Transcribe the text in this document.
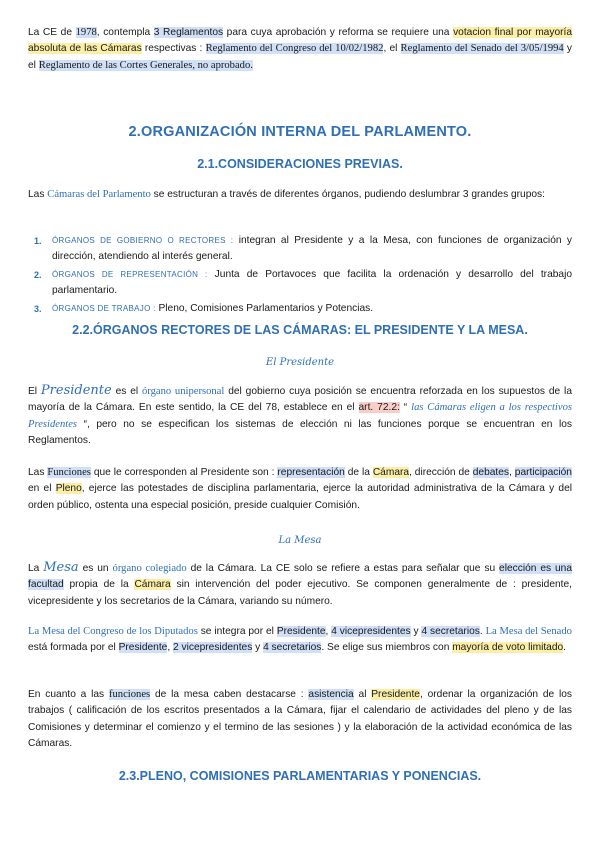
La CE de 1978, contempla 3 Reglamentos para cuya aprobación y reforma se requiere una votacion final por mayoría absoluta de las Cámaras respectivas : Reglamento del Congreso del 10/02/1982, el Reglamento del Senado del 3/05/1994 y el Reglamento de las Cortes Generales, no aprobado.

2.ORGANIZACIÓN INTERNA DEL PARLAMENTO.
2.1.CONSIDERACIONES PREVIAS.

Las Cámaras del Parlamento se estructuran a través de diferentes órganos, pudiendo deslumbrar 3 grandes grupos:

1. ÓRGANOS DE GOBIERNO O RECTORES : integran al Presidente y a la Mesa, con funciones de organización y dirección, atendiendo al interés general.
2. ÓRGANOS DE REPRESENTACIÓN : Junta de Portavoces que facilita la ordenación y desarrollo del trabajo parlamentario.
3. ÓRGANOS DE TRABAJO : Pleno, Comisiones Parlamentarios y Potencias.
2.2.ÓRGANOS RECTORES DE LAS CÁMARAS: EL PRESIDENTE Y LA MESA.
El Presidente

El Presidente es el órgano unipersonal del gobierno cuya posición se encuentra reforzada en los supuestos de la mayoría de la Cámara. En este sentido, la CE del 78, establece en el art. 72.2: “ las Cámaras eligen a los respectivos Presidentes “, pero no se especifican los sistemas de elección ni las funciones porque se encuentran en los Reglamentos.

Las Funciones que le corresponden al Presidente son : representación de la Cámara, dirección de debates, participación en el Pleno, ejerce las potestades de disciplina parlamentaria, ejerce la autoridad administrativa de la Cámara y del orden público, ostenta una especial posición, preside cualquier Comisión.

La Mesa

La Mesa es un órgano colegiado de la Cámara. La CE solo se refiere a estas para señalar que su elección es una facultad propia de la Cámara sin intervención del poder ejecutivo. Se componen generalmente de : presidente, vicepresidente y los secretarios de la Cámara, variando su número.

La Mesa del Congreso de los Diputados se integra por el Presidente, 4 vicepresidentes y 4 secretarios. La Mesa del Senado está formada por el Presidente, 2 vicepresidentes y 4 secretarios. Se elige sus miembros con mayoría de voto limitado.

En cuanto a las funciones de la mesa caben destacarse : asistencia al Presidente, ordenar la organización de los trabajos ( calificación de los escritos presentados a la Cámara, fijar el calendario de actividades del pleno y de las Comisiones y determinar el comienzo y el termino de las sesiones ) y la elaboración de la actividad económica de las Cámaras.

2.3.PLENO, COMISIONES PARLAMENTARIAS Y PONENCIAS.
